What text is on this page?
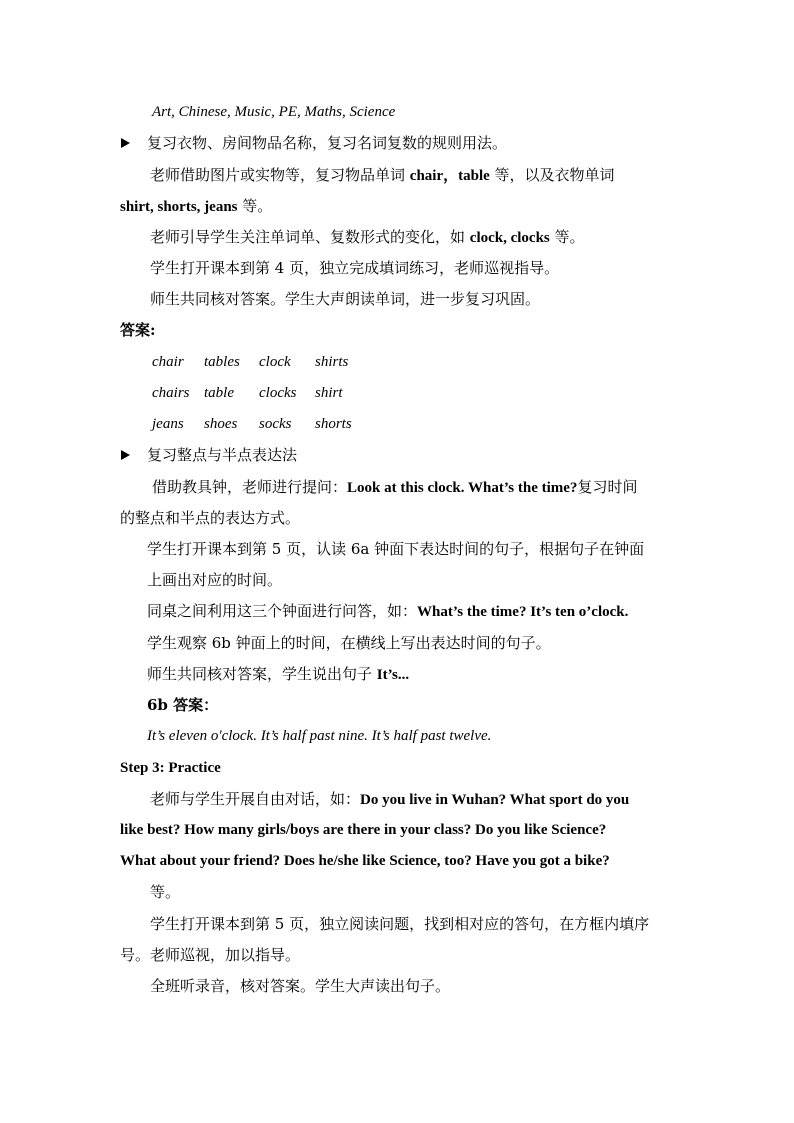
Art, Chinese, Music, PE, Maths, Science
复习衣物、房间物品名称，复习名词复数的规则用法。
老师借助图片或实物等，复习物品单词 chair，table 等，以及衣物单词
shirt, shorts, jeans 等。
老师引导学生关注单词单、复数形式的变化，如 clock, clocks 等。
学生打开课本到第 4 页，独立完成填词练习，老师巡视指导。
师生共同核对答案。学生大声朗读单词，进一步复习巩固。
答案:
chair tables clock shirts
chairs table clocks shirt
jeans shoes socks shorts
复习整点与半点表达法
借助教具钟，老师进行提问：Look at this clock. What’s the time?复习时间
的整点和半点的表达方式。
学生打开课本到第 5 页，认读 6a 钟面下表达时间的句子，根据句子在钟面
上画出对应的时间。
同桌之间利用这三个钟面进行问答，如：What’s the time? It’s ten o’clock.
学生观察 6b 钟面上的时间，在横线上写出表达时间的句子。
师生共同核对答案，学生说出句子 It’s...
6b 答案：
It’s eleven o'clock. It’s half past nine. It’s half past twelve.
Step 3: Practice
老师与学生开展自由对话，如：Do you live in Wuhan? What sport do you
like best? How many girls/boys are there in your class? Do you like Science?
What about your friend? Does he/she like Science, too? Have you got a bike?
等。
学生打开课本到第 5 页，独立阅读问题，找到相对应的答句，在方框内填序
号。老师巡视，加以指导。
全班听录音，核对答案。学生大声读出句子。
